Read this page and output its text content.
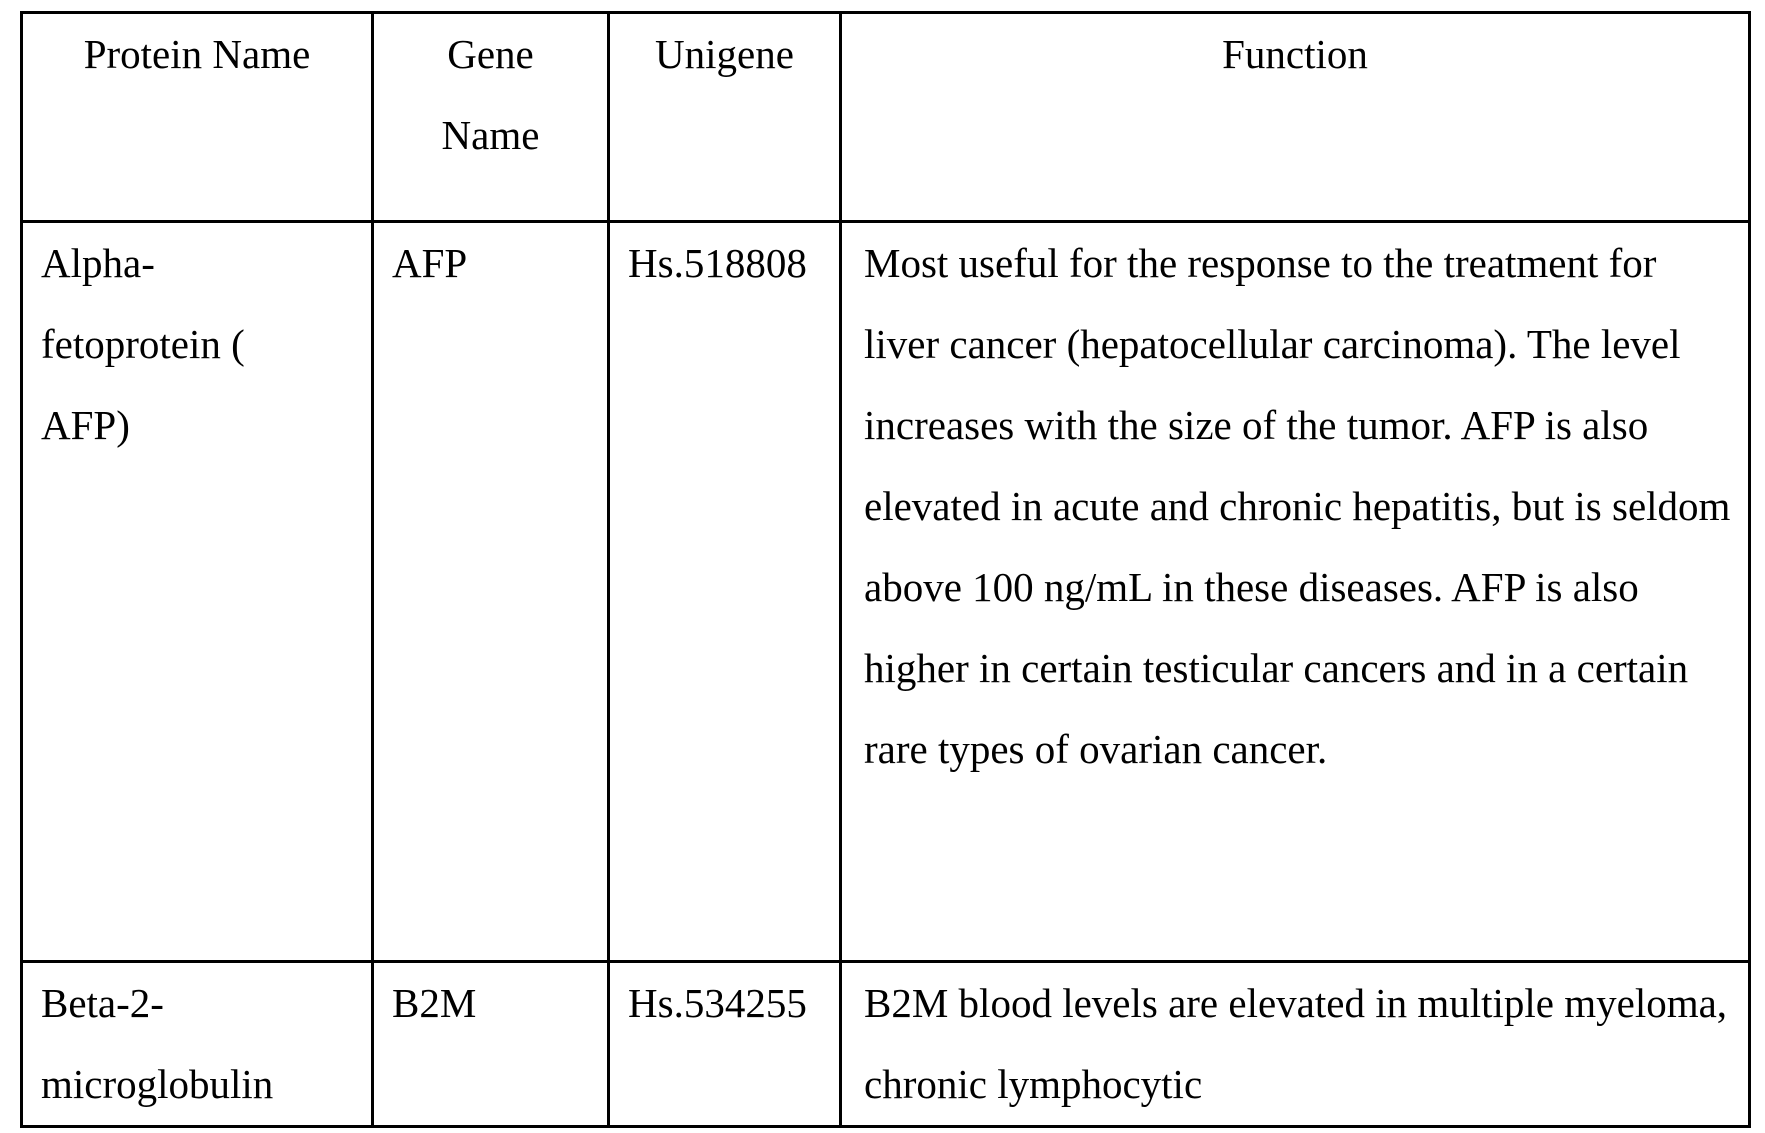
Protein Name	Gene Name	Unigene	Function
Alpha-fetoprotein ( AFP)	AFP	Hs.518808	Most useful for the response to the treatment for liver cancer (hepatocellular carcinoma). The level increases with the size of the tumor. AFP is also elevated in acute and chronic hepatitis, but is seldom above 100 ng/mL in these diseases. AFP is also higher in certain testicular cancers and in a certain rare types of ovarian cancer.
Beta-2-microglobulin	B2M	Hs.534255	B2M blood levels are elevated in multiple myeloma, chronic lymphocytic
